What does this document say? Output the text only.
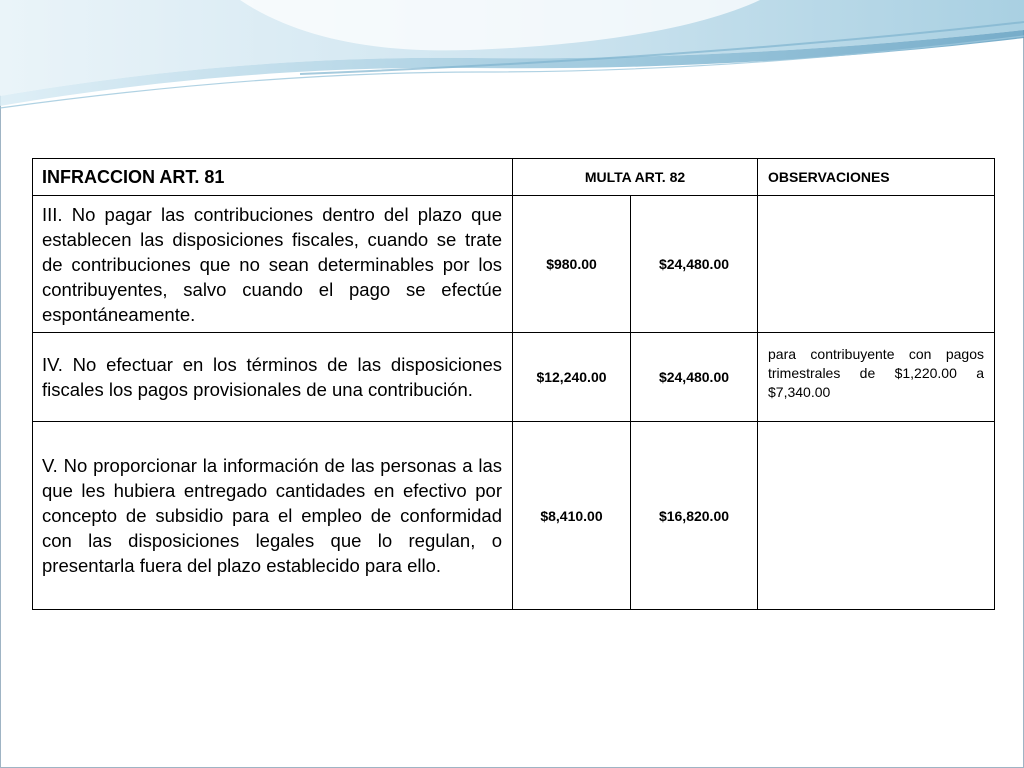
INFRACCION ART. 81	MULTA ART. 82		OBSERVACIONES
III. No pagar las contribuciones dentro del plazo que establecen las disposiciones fiscales, cuando se trate de contribuciones que no sean determinables por los contribuyentes, salvo cuando el pago se efectúe espontáneamente.	$980.00	$24,480.00	
IV. No efectuar en los términos de las disposiciones fiscales los pagos provisionales de una contribución.	$12,240.00	$24,480.00	para contribuyente con pagos trimestrales de $1,220.00 a $7,340.00
V. No proporcionar la información de las personas a las que les hubiera entregado cantidades en efectivo por concepto de subsidio para el empleo de conformidad con las disposiciones legales que lo regulan, o presentarla fuera del plazo establecido para ello.	$8,410.00	$16,820.00	
